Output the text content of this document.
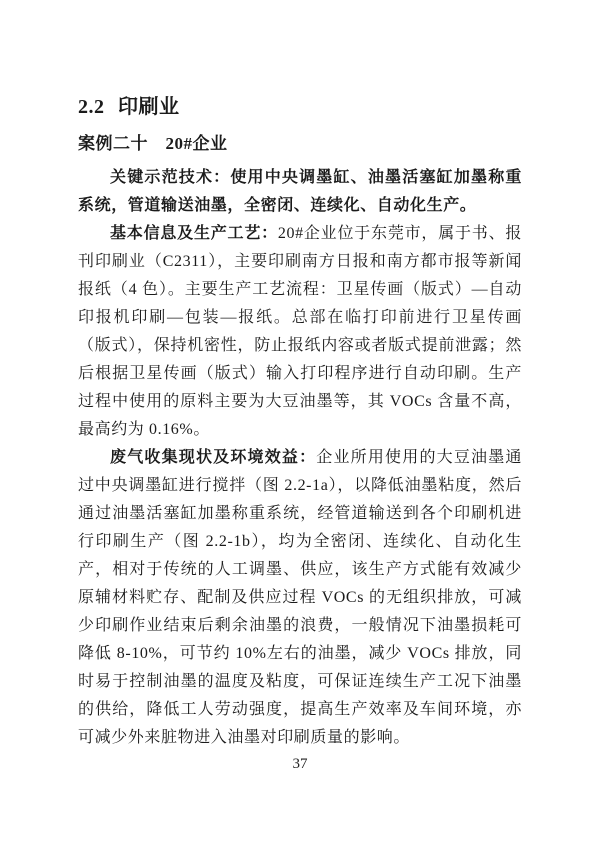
2.2 印刷业
案例二十　20#企业

关键示范技术：使用中央调墨缸、油墨活塞缸加墨称重系统，管道输送油墨，全密闭、连续化、自动化生产。

基本信息及生产工艺：20#企业位于东莞市，属于书、报刊印刷业（C2311），主要印刷南方日报和南方都市报等新闻报纸（4 色）。主要生产工艺流程：卫星传画（版式）—自动印报机印刷—包装—报纸。总部在临打印前进行卫星传画（版式），保持机密性，防止报纸内容或者版式提前泄露；然后根据卫星传画（版式）输入打印程序进行自动印刷。生产过程中使用的原料主要为大豆油墨等，其 VOCs 含量不高，最高约为 0.16%。

废气收集现状及环境效益：企业所用使用的大豆油墨通过中央调墨缸进行搅拌（图 2.2-1a），以降低油墨粘度，然后通过油墨活塞缸加墨称重系统，经管道输送到各个印刷机进行印刷生产（图 2.2-1b），均为全密闭、连续化、自动化生产，相对于传统的人工调墨、供应，该生产方式能有效减少原辅材料贮存、配制及供应过程 VOCs 的无组织排放，可减少印刷作业结束后剩余油墨的浪费，一般情况下油墨损耗可降低 8-10%，可节约 10%左右的油墨，减少 VOCs 排放，同时易于控制油墨的温度及粘度，可保证连续生产工况下油墨的供给，降低工人劳动强度，提高生产效率及车间环境，亦可减少外来脏物进入油墨对印刷质量的影响。

37
